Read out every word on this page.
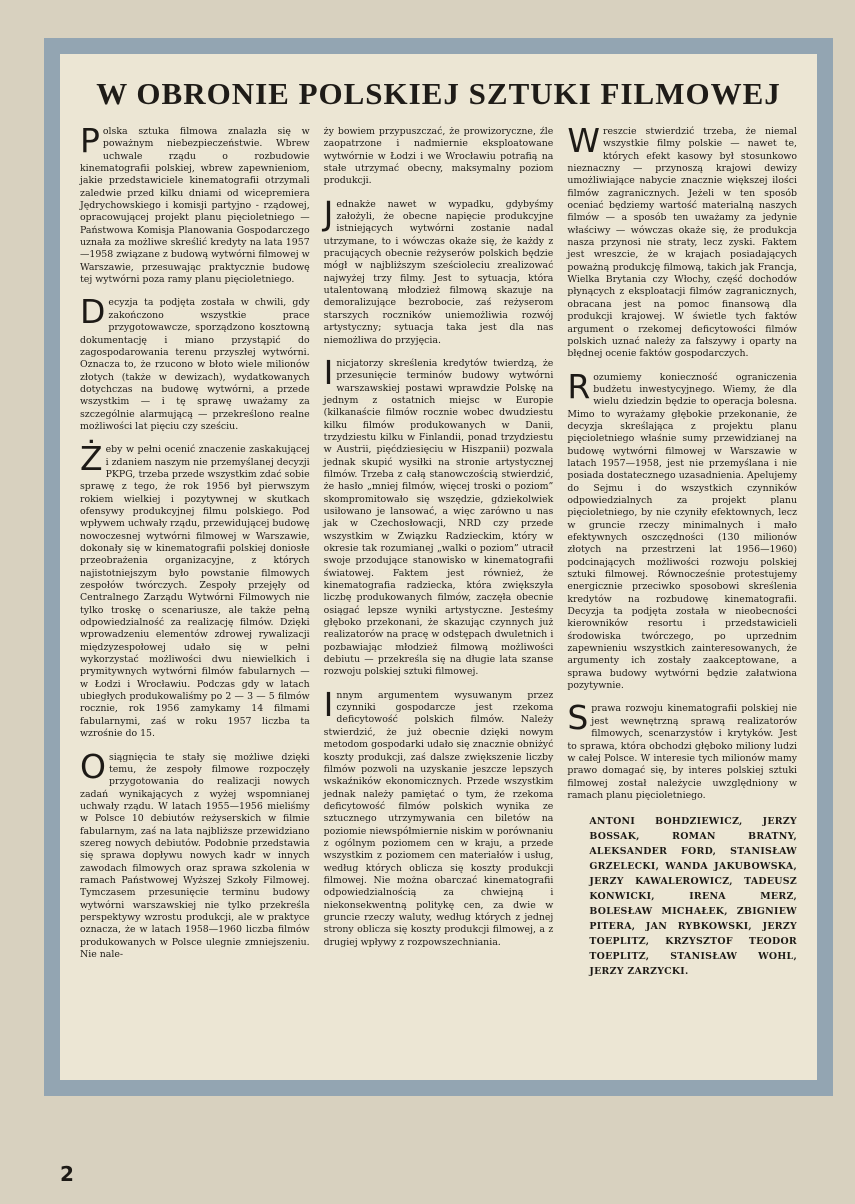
W OBRONIE POLSKIEJ SZTUKI FILMOWEJ

Polska sztuka filmowa znalazła się w poważnym niebezpieczeństwie. Wbrew uchwale rządu o rozbudowie kinematografii polskiej, wbrew zapewnieniom, jakie przedstawiciele kinematografii otrzymali zaledwie przed kilku dniami od wicepremiera Jędrychowskiego i komisji partyjno - rządowej, opracowującej projekt planu pięcioletniego — Państwowa Komisja Planowania Gospodarczego uznała za możliwe skreślić kredyty na lata 1957—1958 związane z budową wytwórni filmowej w Warszawie, przesuwając praktycznie budowę tej wytwórni poza ramy planu pięcioletniego.

Decyzja ta podjęta została w chwili, gdy zakończono wszystkie prace przygotowawcze, sporządzono kosztowną dokumentację i miano przystąpić do zagospodarowania terenu przyszłej wytwórni. Oznacza to, że rzucono w błoto wiele milionów złotych (także w dewizach), wydatkowanych dotychczas na budowę wytwórni, a przede wszystkim — i tę sprawę uważamy za szczególnie alarmującą — przekreślono realne możliwości lat pięciu czy sześciu.

Żeby w pełni ocenić znaczenie zaskakującej i zdaniem naszym nie przemyślanej decyzji PKPG, trzeba przede wszystkim zdać sobie sprawę z tego, że rok 1956 był pierwszym rokiem wielkiej i pozytywnej w skutkach ofensywy produkcyjnej filmu polskiego. Pod wpływem uchwały rządu, przewidującej budowę nowoczesnej wytwórni filmowej w Warszawie, dokonały się w kinematografii polskiej doniosłe przeobrażenia organizacyjne, z których najistotniejszym było powstanie filmowych zespołów twórczych. Zespoły przejęły od Centralnego Zarządu Wytwórni Filmowych nie tylko troskę o scenariusze, ale także pełną odpowiedzialność za realizację filmów. Dzięki wprowadzeniu elementów zdrowej rywalizacji międzyzespołowej udało się w pełni wykorzystać możliwości dwu niewielkich i prymitywnych wytwórni filmów fabularnych — w Łodzi i Wrocławiu. Podczas gdy w latach ubiegłych produkowaliśmy po 2 — 3 — 5 filmów rocznie, rok 1956 zamykamy 14 filmami fabularnymi, zaś w roku 1957 liczba ta wzrośnie do 15.

Osiągnięcia te stały się możliwe dzięki temu, że zespoły filmowe rozpoczęły przygotowania do realizacji nowych zadań wynikających z wyżej wspomnianej uchwały rządu. W latach 1955—1956 mieliśmy w Polsce 10 debiutów reżyserskich w filmie fabularnym, zaś na lata najbliższe przewidziano szereg nowych debiutów. Podobnie przedstawia się sprawa dopływu nowych kadr w innych zawodach filmowych oraz sprawa szkolenia w ramach Państwowej Wyższej Szkoły Filmowej. Tymczasem przesunięcie terminu budowy wytwórni warszawskiej nie tylko przekreśla perspektywy wzrostu produkcji, ale w praktyce oznacza, że w latach 1958—1960 liczba filmów produkowanych w Polsce ulegnie zmniejszeniu. Nie nale-

ży bowiem przypuszczać, że prowizoryczne, źle zaopatrzone i nadmiernie eksploatowane wytwórnie w Łodzi i we Wrocławiu potrafią na stałe utrzymać obecny, maksymalny poziom produkcji.

Jednakże nawet w wypadku, gdybyśmy założyli, że obecne napięcie produkcyjne istniejących wytwórni zostanie nadal utrzymane, to i wówczas okaże się, że każdy z pracujących obecnie reżyserów polskich będzie mógł w najbliższym sześcioleciu zrealizować najwyżej trzy filmy. Jest to sytuacja, która utalentowaną młodzież filmową skazuje na demoralizujące bezrobocie, zaś reżyserom starszych roczników uniemożliwia rozwój artystyczny; sytuacja taka jest dla nas niemożliwa do przyjęcia.

Inicjatorzy skreślenia kredytów twierdzą, że przesunięcie terminów budowy wytwórni warszawskiej postawi wprawdzie Polskę na jednym z ostatnich miejsc w Europie (kilkanaście filmów rocznie wobec dwudziestu kilku filmów produkowanych w Danii, trzydziestu kilku w Finlandii, ponad trzydziestu w Austrii, pięćdziesięciu w Hiszpanii) pozwala jednak skupić wysiłki na stronie artystycznej filmów. Trzeba z całą stanowczością stwierdzić, że hasło „mniej filmów, więcej troski o poziom” skompromitowało się wszędzie, gdziekolwiek usiłowano je lansować, a więc zarówno u nas jak w Czechosłowacji, NRD czy przede wszystkim w Związku Radzieckim, który w okresie tak rozumianej „walki o poziom” utracił swoje przodujące stanowisko w kinematografii światowej. Faktem jest również, że kinematografia radziecka, która zwiększyła liczbę produkowanych filmów, zaczęła obecnie osiągać lepsze wyniki artystyczne. Jesteśmy głęboko przekonani, że skazując czynnych już realizatorów na pracę w odstępach dwuletnich i pozbawiając młodzież filmową możliwości debiutu — przekreśla się na długie lata szanse rozwoju polskiej sztuki filmowej.

Innym argumentem wysuwanym przez czynniki gospodarcze jest rzekoma deficytowość polskich filmów. Należy stwierdzić, że już obecnie dzięki nowym metodom gospodarki udało się znacznie obniżyć koszty produkcji, zaś dalsze zwiększenie liczby filmów pozwoli na uzyskanie jeszcze lepszych wskaźników ekonomicznych. Przede wszystkim jednak należy pamiętać o tym, że rzekoma deficytowość filmów polskich wynika ze sztucznego utrzymywania cen biletów na poziomie niewspółmiernie niskim w porównaniu z ogólnym poziomem cen w kraju, a przede wszystkim z poziomem cen materiałów i usług, według których oblicza się koszty produkcji filmowej. Nie można obarczać kinematografii odpowiedzialnością za chwiejną i niekonsekwentną politykę cen, za dwie w gruncie rzeczy waluty, według których z jednej strony oblicza się koszty produkcji filmowej, a z drugiej wpływy z rozpowszechniania.

Wreszcie stwierdzić trzeba, że niemal wszystkie filmy polskie — nawet te, których efekt kasowy był stosunkowo nieznaczny — przynoszą krajowi dewizy umożliwiające nabycie znacznie większej ilości filmów zagranicznych. Jeżeli w ten sposób oceniać będziemy wartość materialną naszych filmów — a sposób ten uważamy za jedynie właściwy — wówczas okaże się, że produkcja nasza przynosi nie straty, lecz zyski. Faktem jest wreszcie, że w krajach posiadających poważną produkcję filmową, takich jak Francja, Wielka Brytania czy Włochy, część dochodów płynących z eksploatacji filmów zagranicznych, obracana jest na pomoc finansową dla produkcji krajowej. W świetle tych faktów argument o rzekomej deficytowości filmów polskich uznać należy za fałszywy i oparty na błędnej ocenie faktów gospodarczych.

Rozumiemy konieczność ograniczenia budżetu inwestycyjnego. Wiemy, że dla wielu dziedzin będzie to operacja bolesna. Mimo to wyrażamy głębokie przekonanie, że decyzja skreślająca z projektu planu pięcioletniego właśnie sumy przewidzianej na budowę wytwórni filmowej w Warszawie w latach 1957—1958, jest nie przemyślana i nie posiada dostatecznego uzasadnienia. Apelujemy do Sejmu i do wszystkich czynników odpowiedzialnych za projekt planu pięcioletniego, by nie czyniły efektownych, lecz w gruncie rzeczy minimalnych i mało efektywnych oszczędności (130 milionów złotych na przestrzeni lat 1956—1960) podcinających możliwości rozwoju polskiej sztuki filmowej. Równocześnie protestujemy energicznie przeciwko sposobowi skreślenia kredytów na rozbudowę kinematografii. Decyzja ta podjęta została w nieobecności kierowników resortu i przedstawicieli środowiska twórczego, po uprzednim zapewnieniu wszystkich zainteresowanych, że argumenty ich zostały zaakceptowane, a sprawa budowy wytwórni będzie załatwiona pozytywnie.

Sprawa rozwoju kinematografii polskiej nie jest wewnętrzną sprawą realizatorów filmowych, scenarzystów i krytyków. Jest to sprawa, która obchodzi głęboko miliony ludzi w całej Polsce. W interesie tych milionów mamy prawo domagać się, by interes polskiej sztuki filmowej został należycie uwzględniony w ramach planu pięcioletniego.

ANTONI BOHDZIEWICZ, JERZY BOSSAK, ROMAN BRATNY, ALEKSANDER FORD, STANISŁAW GRZELECKI, WANDA JAKUBOWSKA, JERZY KAWALEROWICZ, TADEUSZ KONWICKI, IRENA MERZ, BOLESŁAW MICHAŁEK, ZBIGNIEW PITERA, JAN RYBKOWSKI, JERZY TOEPLITZ, KRZYSZTOF TEODOR TOEPLITZ, STANISŁAW WOHL, JERZY ZARZYCKI.
2
